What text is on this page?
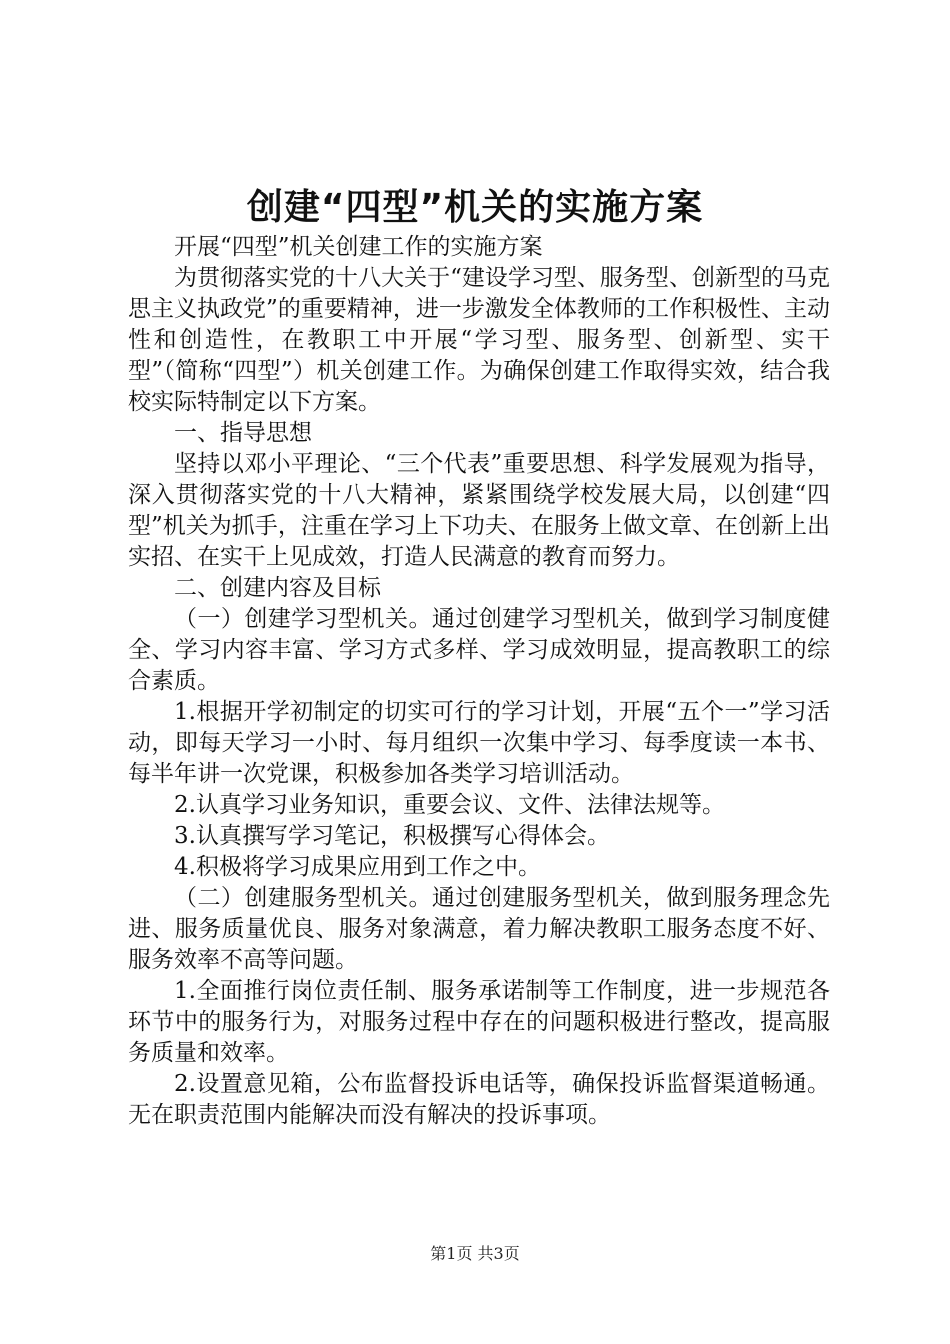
创建“四型”机关的实施方案

开展“四型”机关创建工作的实施方案

为贯彻落实党的十八大关于“建设学习型、服务型、创新型的马克思主义执政党”的重要精神，进一步激发全体教师的工作积极性、主动性和创造性，在教职工中开展“学习型、服务型、创新型、实干型”（简称“四型”）机关创建工作。为确保创建工作取得实效，结合我校实际特制定以下方案。

一、指导思想

坚持以邓小平理论、“三个代表”重要思想、科学发展观为指导，深入贯彻落实党的十八大精神，紧紧围绕学校发展大局，以创建“四型”机关为抓手，注重在学习上下功夫、在服务上做文章、在创新上出实招、在实干上见成效，打造人民满意的教育而努力。

二、创建内容及目标

（一）创建学习型机关。通过创建学习型机关，做到学习制度健全、学习内容丰富、学习方式多样、学习成效明显，提高教职工的综合素质。

1.根据开学初制定的切实可行的学习计划，开展“五个一”学习活动，即每天学习一小时、每月组织一次集中学习、每季度读一本书、每半年讲一次党课，积极参加各类学习培训活动。

2.认真学习业务知识，重要会议、文件、法律法规等。

3.认真撰写学习笔记，积极撰写心得体会。

4.积极将学习成果应用到工作之中。

（二）创建服务型机关。通过创建服务型机关，做到服务理念先进、服务质量优良、服务对象满意，着力解决教职工服务态度不好、服务效率不高等问题。

1.全面推行岗位责任制、服务承诺制等工作制度，进一步规范各环节中的服务行为，对服务过程中存在的问题积极进行整改，提高服务质量和效率。

2.设置意见箱，公布监督投诉电话等，确保投诉监督渠道畅通。无在职责范围内能解决而没有解决的投诉事项。

第1页 共3页
